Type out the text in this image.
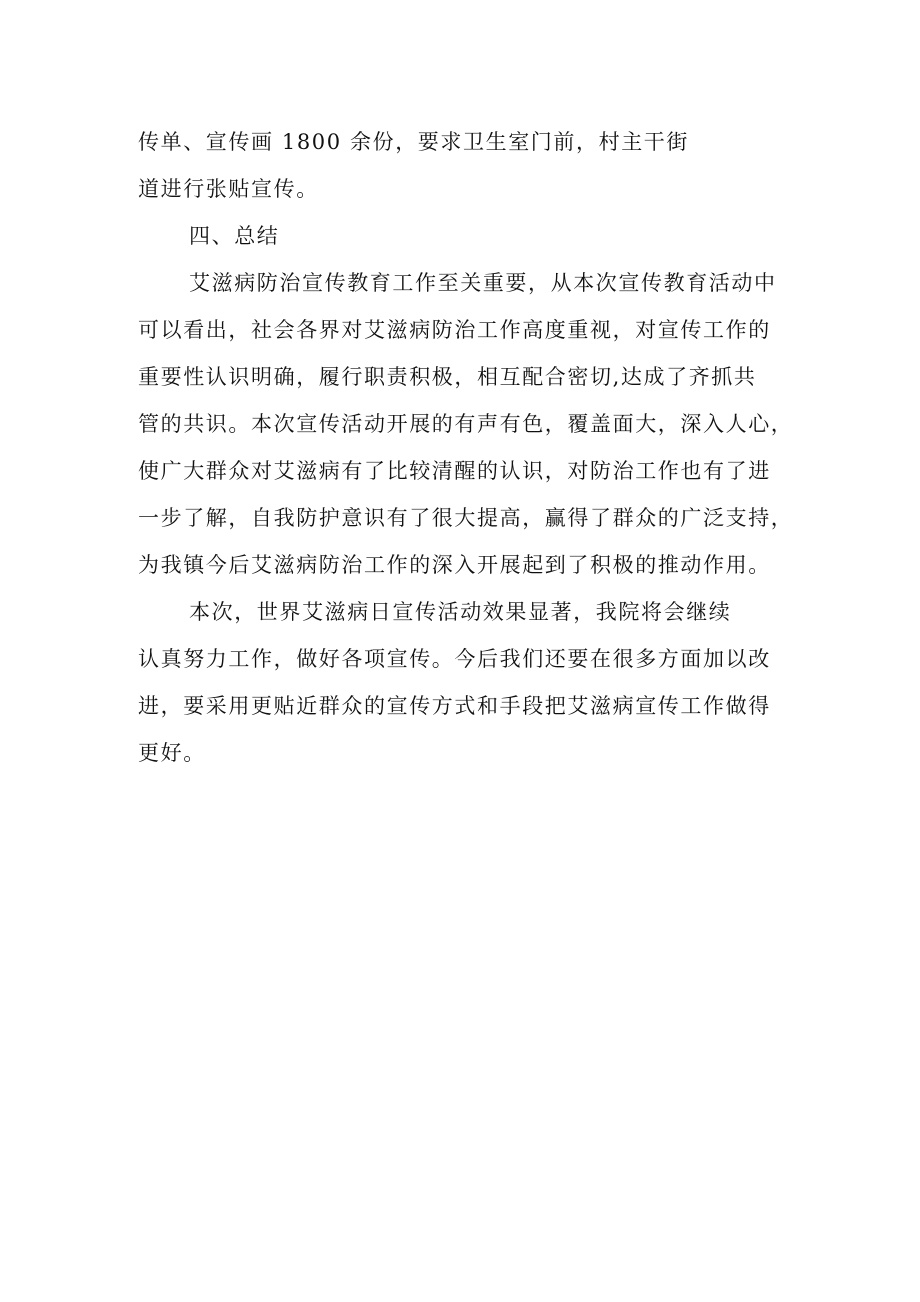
传单、宣传画 1800 余份，要求卫生室门前，村主干街
道进行张贴宣传。
四、总结
艾滋病防治宣传教育工作至关重要，从本次宣传教育活动中
可以看出，社会各界对艾滋病防治工作高度重视，对宣传工作的
重要性认识明确，履行职责积极，相互配合密切,达成了齐抓共
管的共识。本次宣传活动开展的有声有色，覆盖面大，深入人心，
使广大群众对艾滋病有了比较清醒的认识，对防治工作也有了进
一步了解，自我防护意识有了很大提高，赢得了群众的广泛支持，
为我镇今后艾滋病防治工作的深入开展起到了积极的推动作用。
本次，世界艾滋病日宣传活动效果显著，我院将会继续
认真努力工作，做好各项宣传。今后我们还要在很多方面加以改
进，要采用更贴近群众的宣传方式和手段把艾滋病宣传工作做得
更好。
